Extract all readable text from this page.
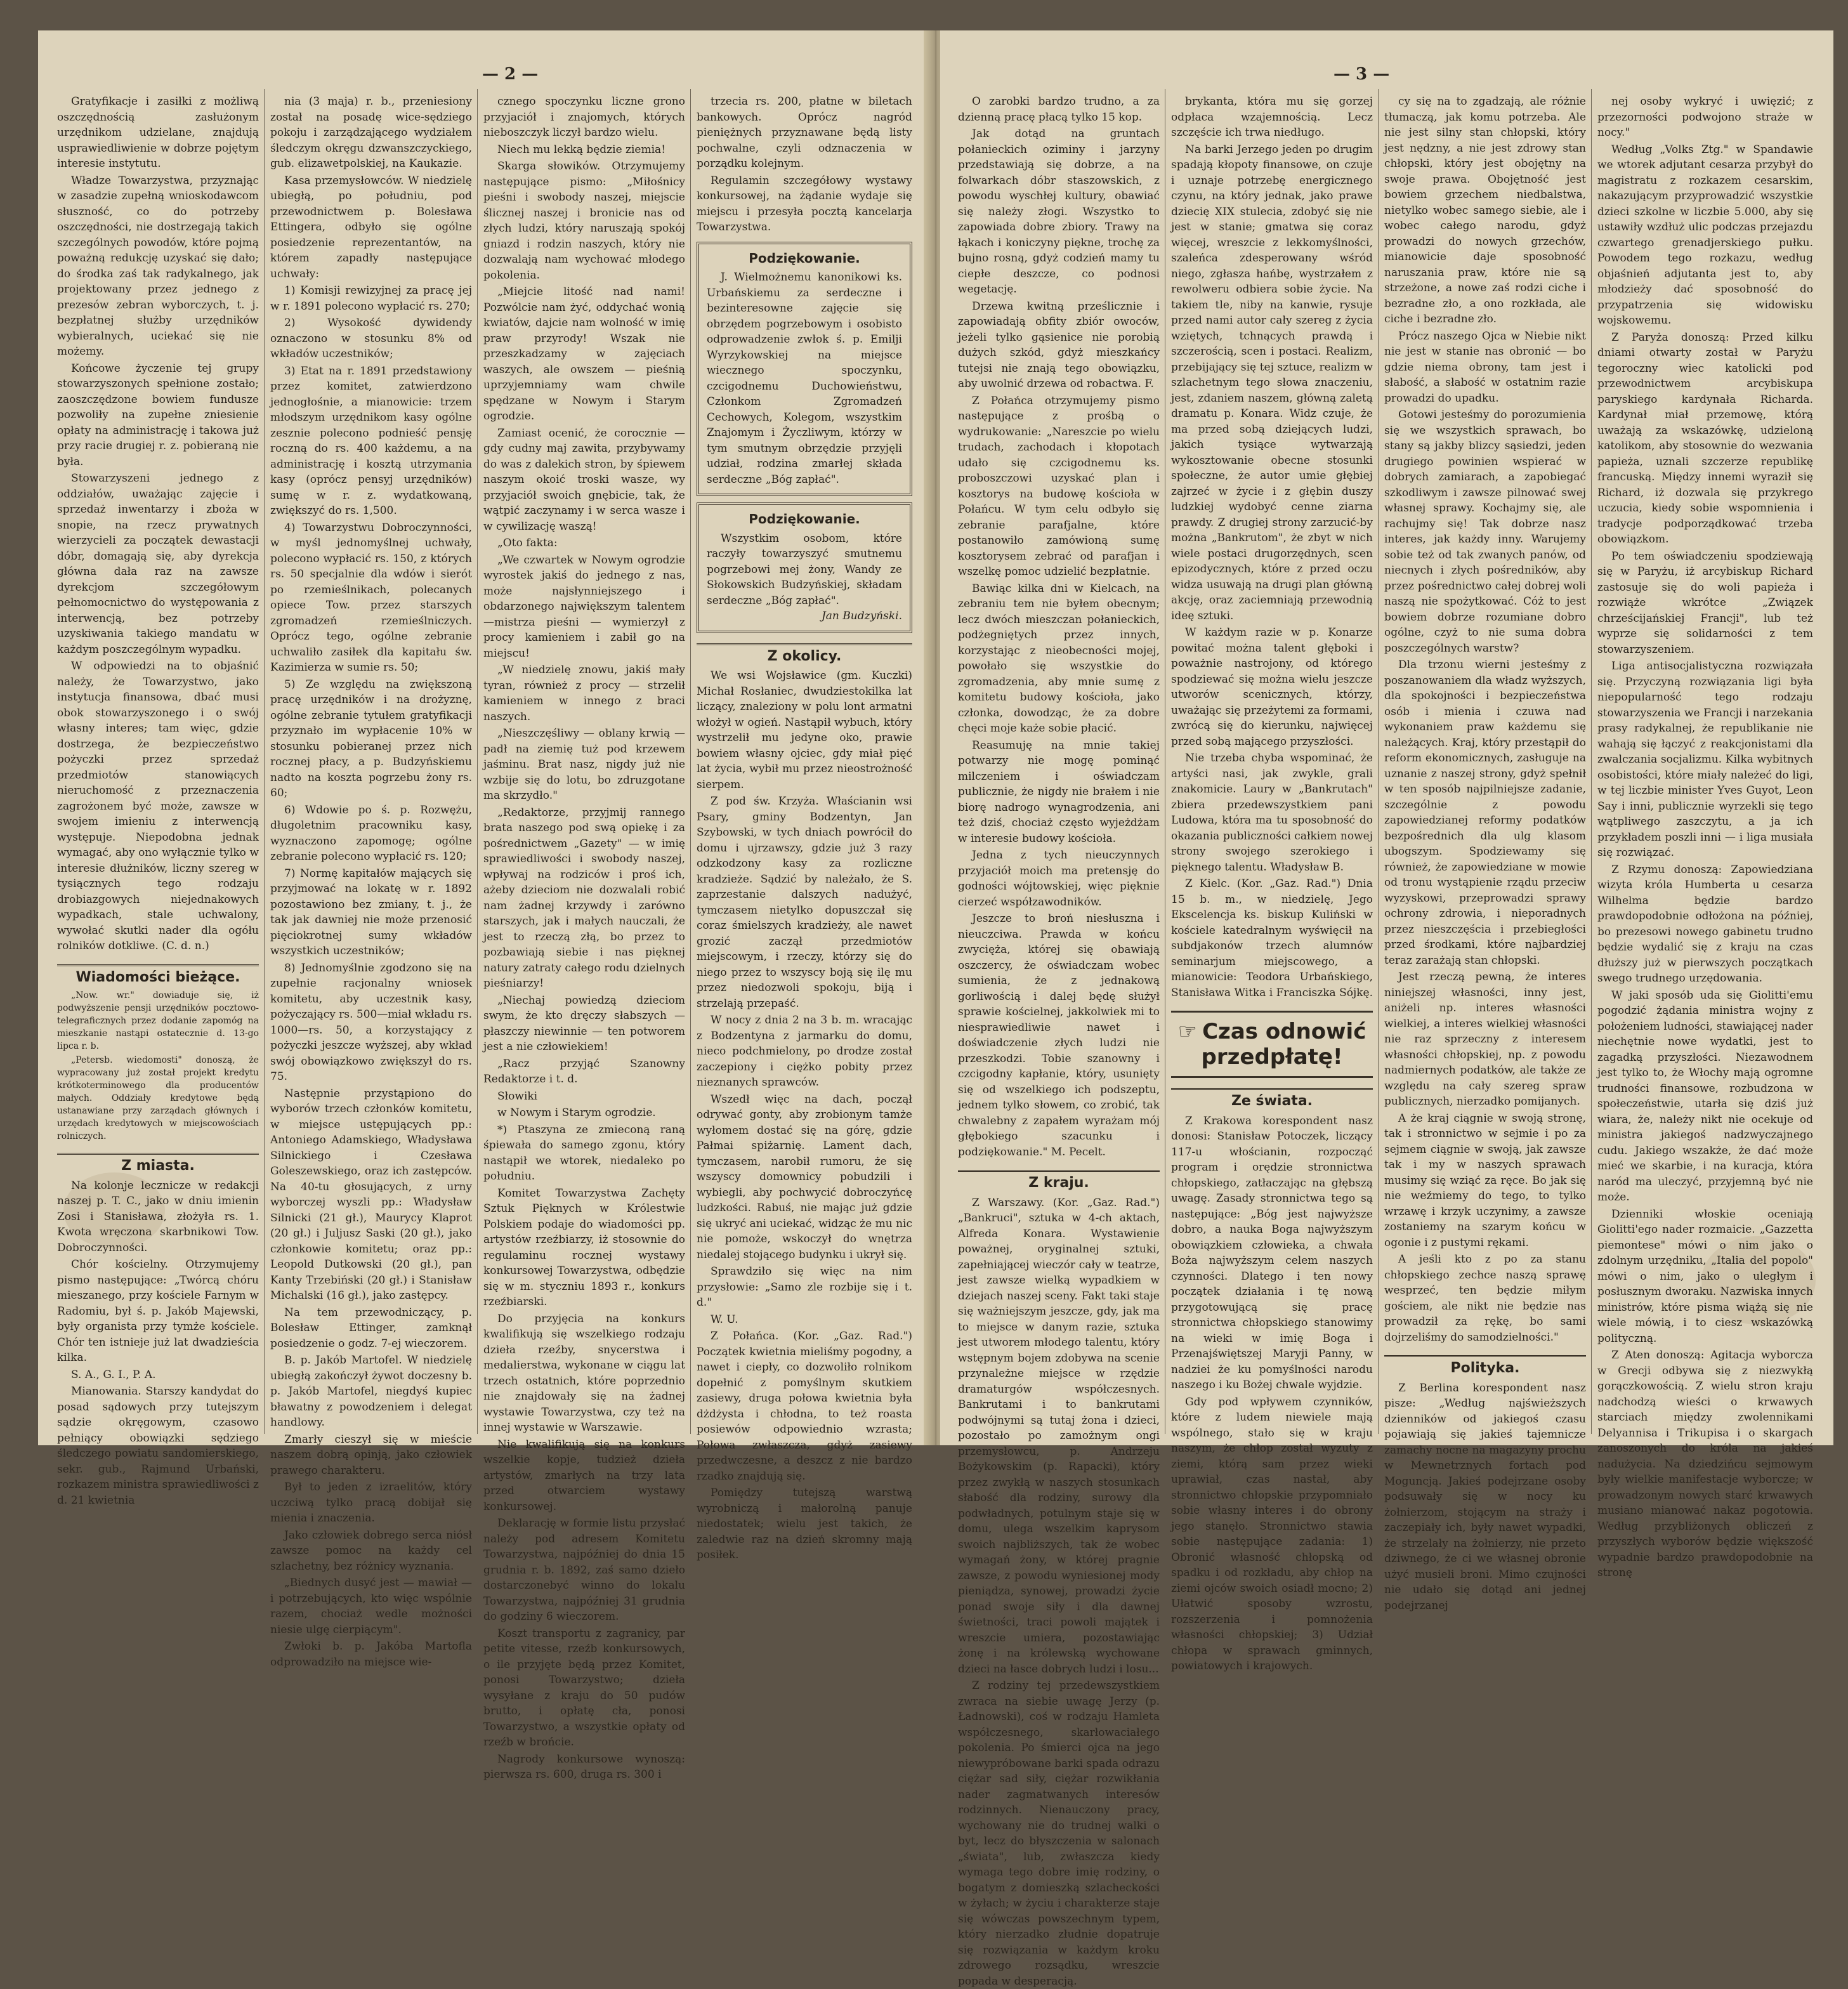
— 2 —

Gratyfikacje i zasiłki z możliwą oszczędnością zasłużonym urzędnikom udzielane, znajdują usprawiedliwienie w dobrze pojętym interesie instytutu.

Władze Towarzystwa, przyznając w zasadzie zupełną wnioskodawcom słuszność, co do potrzeby oszczędności, nie dostrzegają takich szczególnych powodów, które pojmą poważną redukcję uzyskać się dało; do środka zaś tak radykalnego, jak projektowany przez jednego z prezesów zebran wyborczych, t. j. bezpłatnej służby urzędników wybieralnych, uciekać się nie możemy.

Końcowe życzenie tej grupy stowarzyszonych spełnione zostało; zaoszczędzone bowiem fundusze pozwoliły na zupełne zniesienie opłaty na administrację i takowa już przy racie drugiej r. z. pobieraną nie była.

Stowarzyszeni jednego z oddziałów, uważając zajęcie i sprzedaż inwentarzy i zboża w snopie, na rzecz prywatnych wierzycieli za początek dewastacji dóbr, domagają się, aby dyrekcja główna dała raz na zawsze dyrekcjom szczegółowym pełnomocnictwo do występowania z interwencją, bez potrzeby uzyskiwania takiego mandatu w każdym poszczególnym wypadku.

W odpowiedzi na to objaśnić należy, że Towarzystwo, jako instytucja finansowa, dbać musi obok stowarzyszonego i o swój własny interes; tam więc, gdzie dostrzega, że bezpieczeństwo pożyczki przez sprzedaż przedmiotów stanowiących nieruchomość z przeznaczenia zagrożonem być może, zawsze w swojem imieniu z interwencją występuje. Niepodobna jednak wymagać, aby ono wyłącznie tylko w interesie dłużników, liczny szereg w tysiącznych tego rodzaju drobiazgowych niejednakowych wypadkach, stale uchwalony, wywołać skutki nader dla ogółu rolników dotkliwe. (C. d. n.)

Wiadomości bieżące.

„Now. wr." dowiaduje się, iż podwyższenie pensji urzędników pocztowo-telegraficznych przez dodanie zapomóg na mieszkanie nastąpi ostatecznie d. 13-go lipca r. b.

„Petersb. wiedomosti" donoszą, że wypracowany już został projekt kredytu krótkoterminowego dla producentów małych. Oddziały kredytowe będą ustanawiane przy zarządach głównych i urzędach kredytowych w miejscowościach rolniczych.

Z miasta.

Na kolonje lecznicze w redakcji naszej p. T. C., jako w dniu imienin Zosi i Stanisława, złożyła rs. 1. Kwota wręczona skarbnikowi Tow. Dobroczynności.

Chór kościelny. Otrzymujemy pismo następujące: „Twórcą chóru mieszanego, przy kościele Farnym w Radomiu, był ś. p. Jakób Majewski, były organista przy tymże kościele. Chór ten istnieje już lat dwadzieścia kilka.

S. A., G. I., P. A.

Mianowania. Starszy kandydat do posad sądowych przy tutejszym sądzie okręgowym, czasowo pełniący obowiązki sędziego śledczego powiatu sandomierskiego, sekr. gub., Rajmund Urbański, rozkazem ministra sprawiedliwości z d. 21 kwietnia

nia (3 maja) r. b., przeniesiony został na posadę wice-sędziego pokoju i zarządzającego wydziałem śledczym okręgu dzwanszczyckiego, gub. elizawetpolskiej, na Kaukazie.

Kasa przemysłowców. W niedzielę ubiegłą, po południu, pod przewodnictwem p. Bolesława Ettingera, odbyło się ogólne posiedzenie reprezentantów, na którem zapadły następujące uchwały:

1) Komisji rewizyjnej za pracę jej w r. 1891 polecono wypłacić rs. 270;

2) Wysokość dywidendy oznaczono w stosunku 8% od wkładów uczestników;

3) Etat na r. 1891 przedstawiony przez komitet, zatwierdzono jednogłośnie, a mianowicie: trzem młodszym urzędnikom kasy ogólne zesznie polecono podnieść pensję roczną do rs. 400 każdemu, a na administrację i kosztą utrzymania kasy (oprócz pensyj urzędników) sumę w r. z. wydatkowaną, zwiększyć do rs. 1,500.

4) Towarzystwu Dobroczynności, w myśl jednomyślnej uchwały, polecono wypłacić rs. 150, z których rs. 50 specjalnie dla wdów i sierót po rzemieślnikach, polecanych opiece Tow. przez starszych zgromadzeń rzemieślniczych. Oprócz tego, ogólne zebranie uchwaliło zasiłek dla kapitału św. Kazimierza w sumie rs. 50;

5) Ze względu na zwiększoną pracę urzędników i na drożyznę, ogólne zebranie tytułem gratyfikacji przyznało im wypłacenie 10% w stosunku pobieranej przez nich rocznej płacy, a p. Budzyńskiemu nadto na koszta pogrzebu żony rs. 60;

6) Wdowie po ś. p. Rozwężu, długoletnim pracowniku kasy, wyznaczono zapomogę; ogólne zebranie polecono wypłacić rs. 120;

7) Normę kapitałów mających się przyjmować na lokatę w r. 1892 pozostawiono bez zmiany, t. j., że tak jak dawniej nie może przenosić pięciokrotnej sumy wkładów wszystkich uczestników;

8) Jednomyślnie zgodzono się na zupełnie racjonalny wniosek komitetu, aby uczestnik kasy, pożyczający rs. 500—miał wkładu rs. 1000—rs. 50, a korzystający z pożyczki jeszcze wyższej, aby wkład swój obowiązkowo zwiększył do rs. 75.

Następnie przystąpiono do wyborów trzech członków komitetu, w miejsce ustępujących pp.: Antoniego Adamskiego, Władysława Silnickiego i Czesława Goleszewskiego, oraz ich zastępców. Na 40-tu głosujących, z urny wyborczej wyszli pp.: Władysław Silnicki (21 gł.), Maurycy Klaprot (20 gł.) i Juljusz Saski (20 gł.), jako członkowie komitetu; oraz pp.: Leopold Dutkowski (20 gł.), pan Kanty Trzebiński (20 gł.) i Stanisław Michalski (16 gł.), jako zastępcy.

Na tem przewodniczący, p. Bolesław Ettinger, zamknął posiedzenie o godz. 7-ej wieczorem.

B. p. Jakób Martofel. W niedzielę ubiegłą zakończył żywot doczesny b. p. Jakób Martofel, niegdyś kupiec bławatny z powodzeniem i delegat handlowy.

Zmarły cieszył się w mieście naszem dobrą opinją, jako człowiek prawego charakteru.

Był to jeden z izraelitów, który uczciwą tylko pracą dobijał się mienia i znaczenia.

Jako człowiek dobrego serca niósł zawsze pomoc na każdy cel szlachetny, bez różnicy wyznania.

„Biednych dusyć jest — mawiał — i potrzebujących, kto więc wspólnie razem, chociaż wedle możności niesie ulgę cierpiącym".

Zwłoki b. p. Jakóba Martofla odprowadziło na miejsce wie-

cznego spoczynku liczne grono przyjaciół i znajomych, których nieboszczyk liczył bardzo wielu.

Niech mu lekką będzie ziemia!

Skarga słowików. Otrzymujemy następujące pismo: „Miłośnicy pieśni i swobody naszej, miejscie ślicznej naszej i bronicie nas od złych ludzi, który naruszają spokój gniazd i rodzin naszych, który nie dozwalają nam wychować młodego pokolenia.

„Miejcie litość nad nami! Pozwólcie nam żyć, oddychać wonią kwiatów, dajcie nam wolność w imię praw przyrody! Wszak nie przeszkadzamy w zajęciach waszych, ale owszem — pieśnią uprzyjemniamy wam chwile spędzane w Nowym i Starym ogrodzie.

Zamiast ocenić, że corocznie — gdy cudny maj zawita, przybywamy do was z dalekich stron, by śpiewem naszym okoić troski wasze, wy przyjaciół swoich gnębicie, tak, że wątpić zaczynamy i w serca wasze i w cywilizację waszą!

„Oto fakta:

„We czwartek w Nowym ogrodzie wyrostek jakiś do jednego z nas, może najsłynniejszego i obdarzonego największym talentem—mistrza pieśni — wymierzył z procy kamieniem i zabił go na miejscu!

„W niedzielę znowu, jakiś mały tyran, również z procy — strzelił kamieniem w innego z braci naszych.

„Nieszczęśliwy — oblany krwią — padł na ziemię tuż pod krzewem jaśminu. Brat nasz, nigdy już nie wzbije się do lotu, bo zdruzgotane ma skrzydło."

„Redaktorze, przyjmij rannego brata naszego pod swą opiekę i za pośrednictwem „Gazety" — w imię sprawiedliwości i swobody naszej, wpływaj na rodziców i proś ich, ażeby dzieciom nie dozwalali robić nam żadnej krzywdy i zarówno starszych, jak i małych nauczali, że jest to rzeczą złą, bo przez to pozbawiają siebie i nas pięknej natury zatraty całego rodu dzielnych pieśniarzy!

„Niechaj powiedzą dzieciom swym, że kto dręczy słabszych — płaszczy niewinnie — ten potworem jest a nie człowiekiem!

„Racz przyjąć Szanowny Redaktorze i t. d.

Słowiki

w Nowym i Starym ogrodzie.

*) Ptaszyna ze zmieconą raną śpiewała do samego zgonu, który nastąpił we wtorek, niedaleko po południu.

Komitet Towarzystwa Zachęty Sztuk Pięknych w Królestwie Polskiem podaje do wiadomości pp. artystów rzeźbiarzy, iż stosownie do regulaminu rocznej wystawy konkursowej Towarzystwa, odbędzie się w m. styczniu 1893 r., konkurs rzeźbiarski.

Do przyjęcia na konkurs kwalifikują się wszelkiego rodzaju dzieła rzeźby, snycerstwa i medalierstwa, wykonane w ciągu lat trzech ostatnich, które poprzednio nie znajdowały się na żadnej wystawie Towarzystwa, czy też na innej wystawie w Warszawie.

Nie kwalifikują się na konkurs wszelkie kopje, tudzież dzieła artystów, zmarłych na trzy lata przed otwarciem wystawy konkursowej.

Deklarację w formie listu przysłać należy pod adresem Komitetu Towarzystwa, najpóźniej do dnia 15 grudnia r. b. 1892, zaś samo dzieło dostarczonebyć winno do lokalu Towarzystwa, najpóźniej 31 grudnia do godziny 6 wieczorem.

Koszt transportu z zagranicy, par petite vitesse, rzeźb konkursowych, o ile przyjęte będą przez Komitet, ponosi Towarzystwo; dzieła wysyłane z kraju do 50 pudów brutto, i opłatę cła, ponosi Towarzystwo, a wszystkie opłaty od rzeźb w brońcie.

Nagrody konkursowe wynoszą: pierwsza rs. 600, druga rs. 300 i

trzecia rs. 200, płatne w biletach bankowych. Oprócz nagród pieniężnych przyznawane będą listy pochwalne, czyli odznaczenia w porządku kolejnym.

Regulamin szczegółowy wystawy konkursowej, na żądanie wydaje się miejscu i przesyła pocztą kancelarja Towarzystwa.

Podziękowanie.

J. Wielmożnemu kanonikowi ks. Urbańskiemu za serdeczne i bezinteresowne zajęcie się obrzędem pogrzebowym i osobisto odprowadzenie zwłok ś. p. Emilji Wyrzykowskiej na miejsce wiecznego spoczynku, czcigodnemu Duchowieństwu, Członkom Zgromadzeń Cechowych, Kolegom, wszystkim Znajomym i Życzliwym, którzy w tym smutnym obrzędzie przyjęli udział, rodzina zmarłej składa serdeczne „Bóg zapłać".

Podziękowanie.

Wszystkim osobom, które raczyły towarzyszyć smutnemu pogrzebowi mej żony, Wandy ze Słokowskich Budzyńskiej, składam serdeczne „Bóg zapłać".

Jan Budzyński.
Z okolicy.

We wsi Wojsławice (gm. Kuczki) Michał Rosłaniec, dwudziestokilka lat liczący, znaleziony w polu lont armatni włożył w ogień. Nastąpił wybuch, który wystrzelił mu jedyne oko, prawie bowiem własny ojciec, gdy miał pięć lat życia, wybił mu przez nieostrożność sierpem.

Z pod św. Krzyża. Właścianin wsi Psary, gminy Bodzentyn, Jan Szybowski, w tych dniach powrócił do domu i ujrzawszy, gdzie już 3 razy odzkodzony kasy za rozliczne kradzieże. Sądzić by należało, że S. zaprzestanie dalszych nadużyć, tymczasem nietylko dopuszczał się coraz śmielszych kradzieży, ale nawet grozić zaczął przedmiotów miejscowym, i rzeczy, którzy się do niego przez to wszyscy boją się ilę mu przez niedozwoli spokoju, biją i strzelają przepaść.

W nocy z dnia 2 na 3 b. m. wracając z Bodzentyna z jarmarku do domu, nieco podchmielony, po drodze został zaczepiony i ciężko pobity przez nieznanych sprawców.

Wszedł więc na dach, począł odrywać gonty, aby zrobionym tamże wyłomem dostać się na górę, gdzie Pałmai spiżarnię. Lament dach, tymczasem, narobił rumoru, że się wszyscy domownicy pobudzili i wybiegli, aby pochwycić dobroczyńcę ludzkości. Rabuś, nie mając już gdzie się ukryć ani uciekać, widząc że mu nic nie pomoże, wskoczył do wnętrza niedalej stojącego budynku i ukrył się.

Sprawdziło się więc na nim przysłowie: „Samo zle rozbije się i t. d."

W. U.

Z Połańca. (Kor. „Gaz. Rad.") Początek kwietnia mieliśmy pogodny, a nawet i ciepły, co dozwoliło rolnikom dopełnić z pomyślnym skutkiem zasiewy, druga połowa kwietnia była dżdżysta i chłodna, to też roasta posiewów odpowiednio wzrasta; Połowa zwłaszcza, gdyż zasiewy przedwczesne, a deszcz z nie bardzo rzadko znajdują się.

Pomiędzy tutejszą warstwą wyrobniczą i małorolną panuje niedostatek; wielu jest takich, że zaledwie raz na dzień skromny mają posiłek.

— 3 —

O zarobki bardzo trudno, a za dzienną pracę płacą tylko 15 kop.

Jak dotąd na gruntach połanieckich oziminy i jarzyny przedstawiają się dobrze, a na folwarkach dóbr staszowskich, z powodu wyschłej kultury, obawiać się należy złogi. Wszystko to zapowiada dobre zbiory. Trawy na łąkach i koniczyny piękne, trochę za bujno rosną, gdyż codzień mamy tu ciepłe deszcze, co podnosi wegetację.

Drzewa kwitną prześlicznie i zapowiadają obfity zbiór owoców, jeżeli tylko gąsienice nie porobią dużych szkód, gdyż mieszkańcy tutejsi nie znają tego obowiązku, aby uwolnić drzewa od robactwa. F.

Z Połańca otrzymujemy pismo następujące z prośbą o wydrukowanie: „Nareszcie po wielu trudach, zachodach i kłopotach udało się czcigodnemu ks. proboszczowi uzyskać plan i kosztorys na budowę kościoła w Połańcu. W tym celu odbyło się zebranie parafjalne, które postanowiło zamówioną sumę kosztorysem zebrać od parafjan i wszelkę pomoc udzielić bezpłatnie.

Bawiąc kilka dni w Kielcach, na zebraniu tem nie byłem obecnym; lecz dwóch mieszczan połanieckich, podżegniętych przez innych, korzystając z nieobecności mojej, powołało się wszystkie do zgromadzenia, aby mnie sumę z komitetu budowy kościoła, jako członka, dowodząc, że za dobre chęci moje każe sobie płacić.

Reasumuję na mnie takiej potwarzy nie mogę pominąć milczeniem i oświadczam publicznie, że nigdy nie brałem i nie biorę nadrogo wynagrodzenia, ani też dziś, chociaż często wyjeżdżam w interesie budowy kościoła.

Jedna z tych nieuczynnych przyjaciół moich ma pretensję do godności wójtowskiej, więc pięknie cierzeć współzawodników.

Jeszcze to broń niesłuszna i nieuczciwa. Prawda w końcu zwycięża, której się obawiają oszczercy, że oświadczam wobec sumienia, że z jednakową gorliwością i dalej będę służył sprawie kościelnej, jakkolwiek mi to niesprawiedliwie nawet i doświadczenie złych ludzi nie przeszkodzi. Tobie szanowny i czcigodny kapłanie, który, usunięty się od wszelkiego ich podszeptu, jednem tylko słowem, co zrobić, tak chwalebny z zapałem wyrażam mój głębokiego szacunku i podziękowanie." M. Pecelt.

Z kraju.

Z Warszawy. (Kor. „Gaz. Rad.") „Bankruci", sztuka w 4-ch aktach, Alfreda Konara. Wystawienie poważnej, oryginalnej sztuki, zapełniającej wieczór cały w teatrze, jest zawsze wielką wypadkiem w dziejach naszej sceny. Fakt taki staje się ważniejszym jeszcze, gdy, jak ma to miejsce w danym razie, sztuka jest utworem młodego talentu, który wstępnym bojem zdobywa na scenie przynależne miejsce w rzędzie dramaturgów współczesnych. Bankrutami i to bankrutami podwójnymi są tutaj żona i dzieci, pozostało po zamożnym ongi przemysłowcu, p. Andrzeju Bożykowskim (p. Rapacki), który przez zwykłą w naszych stosunkach słabość dla rodziny, surowy dla podwładnych, potulnym staje się w domu, ulega wszelkim kaprysom swoich najbliższych, tak że wobec wymagań żony, w której pragnie zawsze, z powodu wyniesionej mody pieniądza, synowej, prowadzi życie ponad swoje siły i dla dawnej świetności, traci powoli majątek i wreszcie umiera, pozostawiając żonę i na królewską wychowane dzieci na łasce dobrych ludzi i losu...

Z rodziny tej przedewszystkiem zwraca na siebie uwagę Jerzy (p. Ładnowski), coś w rodzaju Hamleta współczesnego, skarłowaciałego pokolenia. Po śmierci ojca na jego niewypróbowane barki spada odrazu ciężar sad siły, ciężar rozwikłania nader zagmatwanych interesów rodzinnych. Nienauczony pracy, wychowany nie do trudnej walki o byt, lecz do błyszczenia w salonach „świata", lub, zwłaszcza kiedy wymaga tego dobre imię rodziny, o bogatym z domieszką szlacheckości w żyłach; w życiu i charakterze staje się wówczas powszechnym typem, który nierzadko złudnie dopatruje się rozwiązania w każdym kroku zdrowego rozsądku, wreszcie popada w desperacją.

brykanta, która mu się gorzej odpłaca wzajemnością. Lecz szczęście ich trwa niedługo.

Na barki Jerzego jeden po drugim spadają kłopoty finansowe, on czuje i uznaje potrzebę energicznego czynu, na który jednak, jako prawe dziecię XIX stulecia, zdobyć się nie jest w stanie; gmatwa się coraz więcej, wreszcie z lekkomyślności, szaleńca zdesperowany wśród niego, zgłasza hańbę, wystrzałem z rewolweru odbiera sobie życie. Na takiem tle, niby na kanwie, rysuje przed nami autor cały szereg z życia wziętych, tchnących prawdą i szczerością, scen i postaci. Realizm, przebijający się tej sztuce, realizm w szlachetnym tego słowa znaczeniu, jest, zdaniem naszem, główną zaletą dramatu p. Konara. Widz czuje, że ma przed sobą dziejących ludzi, jakich tysiące wytwarzają wykosztowanie obecne stosunki społeczne, że autor umie głębiej zajrzeć w życie i z głębin duszy ludzkiej wydobyć cenne ziarna prawdy. Z drugiej strony zarzucić-by można „Bankrutom", że zbyt w nich wiele postaci drugorzędnych, scen epizodycznych, które z przed oczu widza usuwają na drugi plan główną akcję, oraz zaciemniają przewodnią ideę sztuki.

W każdym razie w p. Konarze powitać można talent głęboki i poważnie nastrojony, od którego spodziewać się można wielu jeszcze utworów scenicznych, którzy, uważając się przeżytemi za formami, zwrócą się do kierunku, najwięcej przed sobą mającego przyszłości.

Nie trzeba chyba wspominać, że artyści nasi, jak zwykle, grali znakomicie. Laury w „Bankrutach" zbiera przedewszystkiem pani Ludowa, która ma tu sposobność do okazania publiczności całkiem nowej strony swojego szerokiego i pięknego talentu. Władysław B.

Z Kielc. (Kor. „Gaz. Rad.") Dnia 15 b. m., w niedzielę, Jego Ekscelencja ks. biskup Kuliński w kościele katedralnym wyświęcił na subdjakonów trzech alumnów seminarjum miejscowego, a mianowicie: Teodora Urbańskiego, Stanisława Witka i Franciszka Sójkę.

☞ Czas odnowić przedpłatę!
Ze świata.

Z Krakowa korespondent nasz donosi: Stanisław Potoczek, liczący 117-u włościanin, rozpocząć program i orędzie stronnictwa chłopskiego, zatłaczając na głębszą uwagę. Zasady stronnictwa tego są następujące: „Bóg jest najwyższe dobro, a nauka Boga najwyższym obowiązkiem człowieka, a chwała Boża najwyższym celem naszych czynności. Dlatego i ten nowy początek działania i tę nową przygotowującą się pracę stronnictwa chłopskiego stanowimy na wieki w imię Boga i Przenajświętszej Maryji Panny, w nadziei że ku pomyślności narodu naszego i ku Bożej chwale wyjdzie.

Gdy pod wpływem czynników, które z ludem niewiele mają wspólnego, stało się w kraju naszym, że chłop został wyzuty z ziemi, którą sam przez wieki uprawiał, czas nastał, aby stronnictwo chłopskie przypomniało sobie własny interes i do obrony jego stanęło. Stronnictwo stawia sobie następujące zadania: 1) Obronić własność chłopską od spadku i od rozkładu, aby chłop na ziemi ojców swoich osiadł mocno; 2) Ułatwić sposoby wzrostu, rozszerzenia i pomnożenia własności chłopskiej; 3) Udział chłopa w sprawach gminnych, powiatowych i krajowych.

cy się na to zgadzają, ale różnie tłumaczą, jak komu potrzeba. Ale nie jest silny stan chłopski, który jest nędzny, a nie jest zdrowy stan chłopski, który jest obojętny na swoje prawa. Obojętność jest bowiem grzechem niedbalstwa, nietylko wobec samego siebie, ale i wobec całego narodu, gdyż prowadzi do nowych grzechów, mianowicie daje sposobność naruszania praw, które nie są strzeżone, a nowe zaś rodzi ciche i bezradne zło, a ono rozkłada, ale ciche i bezradne zło.

Prócz naszego Ojca w Niebie nikt nie jest w stanie nas obronić — bo gdzie niema obrony, tam jest i słabość, a słabość w ostatnim razie prowadzi do upadku.

Gotowi jesteśmy do porozumienia się we wszystkich sprawach, bo stany są jakby blizcy sąsiedzi, jeden drugiego powinien wspierać w dobrych zamiarach, a zapobiegać szkodliwym i zawsze pilnować swej własnej sprawy. Kochajmy się, ale rachujmy się! Tak dobrze nasz interes, jak każdy inny. Warujemy sobie też od tak zwanych panów, od niecnych i złych pośredników, aby przez pośrednictwo całej dobrej woli naszą nie spożytkować. Cóż to jest bowiem dobrze rozumiane dobro ogólne, czyż to nie suma dobra poszczególnych warstw?

Dla trzonu wierni jesteśmy z poszanowaniem dla władz wyższych, dla spokojności i bezpieczeństwa osób i mienia i czuwa nad wykonaniem praw każdemu się należących. Kraj, który przestąpił do reform ekonomicznych, zasługuje na uznanie z naszej strony, gdyż spełnił w ten sposób najpilniejsze zadanie, szczególnie z powodu zapowiedzianej reformy podatków bezpośrednich dla ulg klasom ubogszym. Spodziewamy się również, że zapowiedziane w mowie od tronu wystąpienie rządu przeciw wyzyskowi, przeprowadzi sprawy ochrony zdrowia, i nieporadnych przez nieszczęścia i przebiegłości przed środkami, które najbardziej teraz zarażają stan chłopski.

Jest rzeczą pewną, że interes niniejszej własności, inny jest, aniżeli np. interes własności wielkiej, a interes wielkiej własności nie raz sprzeczny z interesem własności chłopskiej, np. z powodu nadmiernych podatków, ale także ze względu na cały szereg spraw publicznych, nierzadko pomijanych.

A że kraj ciągnie w swoją stronę, tak i stronnictwo w sejmie i po za sejmem ciągnie w swoją, jak zawsze tak i my w naszych sprawach musimy się wziąć za ręce. Bo jak się nie weźmiemy do tego, to tylko wrzawę i krzyk uczynimy, a zawsze zostaniemy na szarym końcu w ogonie i z pustymi rękami.

A jeśli kto z po za stanu chłopskiego zechce naszą sprawę wesprzeć, ten będzie miłym gościem, ale nikt nie będzie nas prowadził za rękę, bo sami dojrzeliśmy do samodzielności."

Polityka.

Z Berlina korespondent nasz pisze: „Według najświeższych dzienników od jakiegoś czasu pojawiają się jakieś tajemnicze zamachy nocne na magazyny prochu w Mewnetrznych fortach pod Moguncją. Jakieś podejrzane osoby podsuwały się w nocy ku żołnierzom, stojącym na straży i zaczepiały ich, były nawet wypadki, że strzelały na żołnierzy, nie przeto dziwnego, że ci we własnej obronie użyć musieli broni. Mimo czujności nie udało się dotąd ani jednej podejrzanej

nej osoby wykryć i uwięzić; z przezorności podwojono straże w nocy."

Według „Volks Ztg." w Spandawie we wtorek adjutant cesarza przybył do magistratu z rozkazem cesarskim, nakazującym przyprowadzić wszystkie dzieci szkolne w liczbie 5.000, aby się ustawiły wzdłuż ulic podczas przejazdu czwartego grenadjerskiego pułku. Powodem tego rozkazu, według objaśnień adjutanta jest to, aby młodzieży dać sposobność do przypatrzenia się widowisku wojskowemu.

Z Paryża donoszą: Przed kilku dniami otwarty został w Paryżu tegoroczny wiec katolicki pod przewodnictwem arcybiskupa paryskiego kardynała Richarda. Kardynał miał przemowę, którą uważają za wskazówkę, udzieloną katolikom, aby stosownie do wezwania papieża, uznali szczerze republikę francuską. Między innemi wyraził się Richard, iż dozwala się przykrego uczucia, kiedy sobie wspomnienia i tradycje podporządkować trzeba obowiązkom.

Po tem oświadczeniu spodziewają się w Paryżu, iż arcybiskup Richard zastosuje się do woli papieża i rozwiąże wkrótce „Związek chrześcijańskiej Francji", lub też wyprze się solidarności z tem stowarzyszeniem.

Liga antisocjalistyczna rozwiązała się. Przyczyną rozwiązania ligi była niepopularność tego rodzaju stowarzyszenia we Francji i narzekania prasy radykalnej, że republikanie nie wahają się łączyć z reakcjonistami dla zwalczania socjalizmu. Kilka wybitnych osobistości, które miały należeć do ligi, w tej liczbie minister Yves Guyot, Leon Say i inni, publicznie wyrzekli się tego wątpliwego zaszczytu, a ja ich przykładem poszli inni — i liga musiała się rozwiązać.

Z Rzymu donoszą: Zapowiedziana wizyta króla Humberta u cesarza Wilhelma będzie bardzo prawdopodobnie odłożona na później, bo prezesowi nowego gabinetu trudno będzie wydalić się z kraju na czas dłuższy już w pierwszych początkach swego trudnego urzędowania.

W jaki sposób uda się Giolitti'emu pogodzić żądania ministra wojny z położeniem ludności, stawiającej nader niechętnie nowe wydatki, jest to zagadką przyszłości. Niezawodnem jest tylko to, że Włochy mają ogromne trudności finansowe, rozbudzona w społeczeństwie, utarła się dziś już wiara, że, należy nikt nie ocekuje od ministra jakiegoś nadzwyczajnego cudu. Jakiego wszakże, że dać może mieć we skarbie, i na kuracja, która naród ma uleczyć, przyjemną być nie może.

Dzienniki włoskie oceniają Giolitti'ego nader rozmaicie. „Gazzetta piemontese" mówi o nim jako o zdolnym urzędniku, „Italia del popolo" mówi o nim, jako o uległym i posłusznym dworaku. Nazwiska innych ministrów, które pisma wiążą się nie wiele mówią, i to ciesz wskazówką polityczną.

Z Aten donoszą: Agitacja wyborcza w Grecji odbywa się z niezwykłą gorączkowością. Z wielu stron kraju nadchodzą wieści o krwawych starciach między zwolennikami Delyannisa i Trikupisa i o skargach zanoszonych do króla na jakieś nadużycia. Na dziedzińcu sejmowym były wielkie manifestacje wyborcze; w prowadzonym nowych starć krwawych musiano mianować nakaz pogotowia. Według przybliżonych obliczeń z przyszłych wyborów będzie większość wypadnie bardzo prawdopodobnie na stronę
